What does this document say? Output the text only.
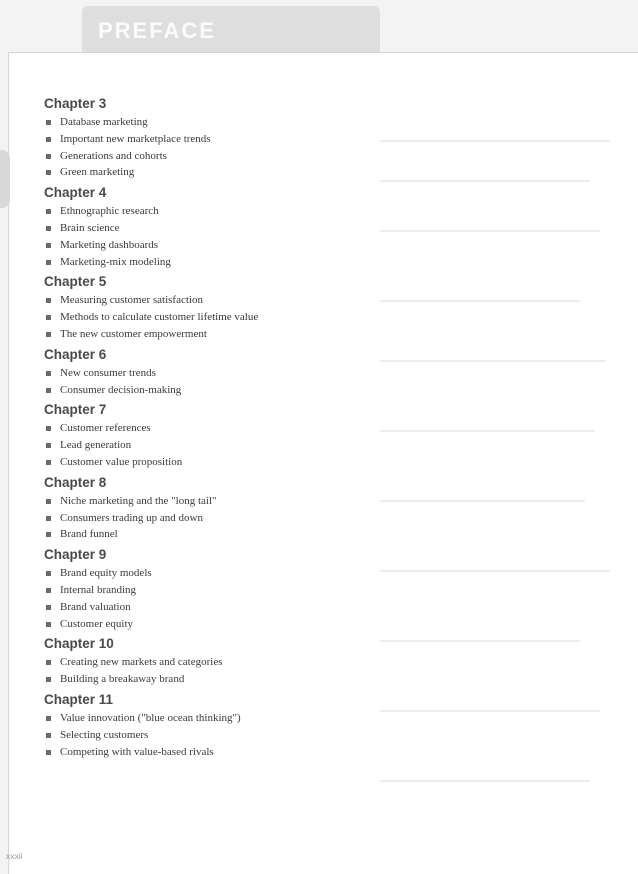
PREFACE
Chapter 3
Database marketing
Important new marketplace trends
Generations and cohorts
Green marketing
Chapter 4
Ethnographic research
Brain science
Marketing dashboards
Marketing-mix modeling
Chapter 5
Measuring customer satisfaction
Methods to calculate customer lifetime value
The new customer empowerment
Chapter 6
New consumer trends
Consumer decision-making
Chapter 7
Customer references
Lead generation
Customer value proposition
Chapter 8
Niche marketing and the "long tail"
Consumers trading up and down
Brand funnel
Chapter 9
Brand equity models
Internal branding
Brand valuation
Customer equity
Chapter 10
Creating new markets and categories
Building a breakaway brand
Chapter 11
Value innovation ("blue ocean thinking")
Selecting customers
Competing with value-based rivals
xxxii
